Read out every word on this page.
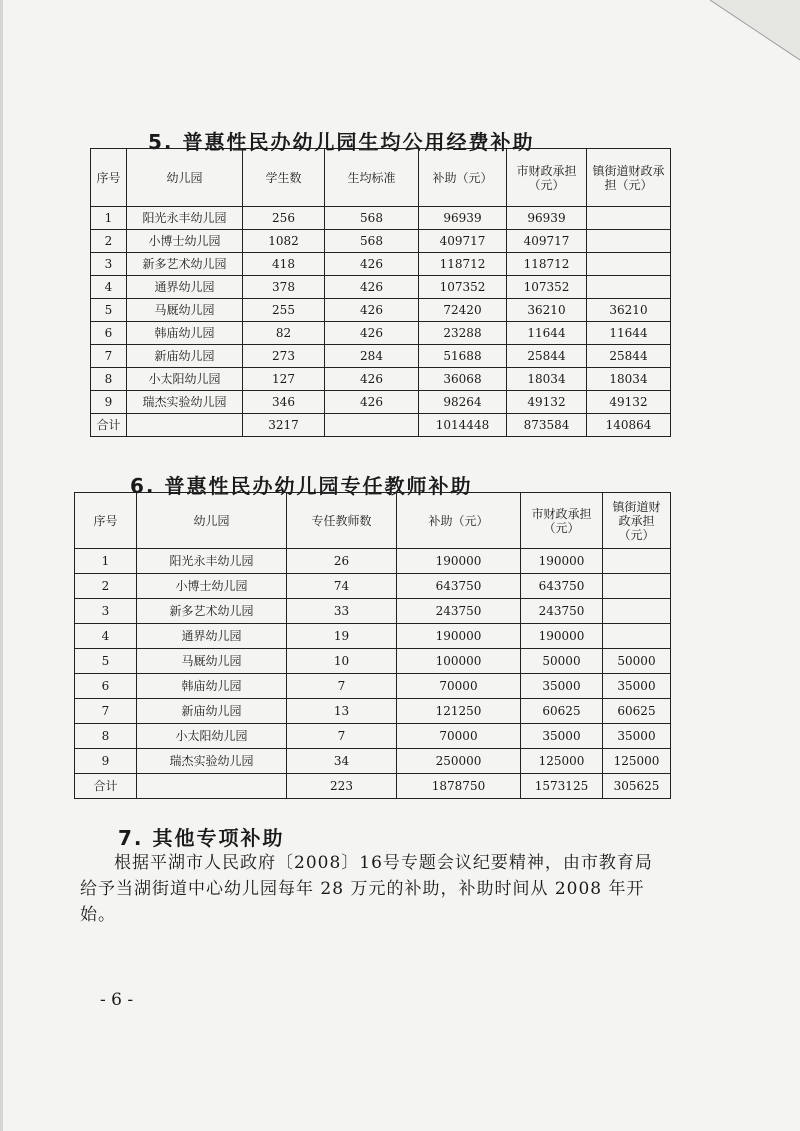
5. 普惠性民办幼儿园生均公用经费补助
序号	幼儿园	学生数	生均标准	补助（元）	市财政承担（元）	镇街道财政承担（元）
1	阳光永丰幼儿园	256	568	96939	96939	
2	小博士幼儿园	1082	568	409717	409717	
3	新多艺术幼儿园	418	426	118712	118712	
4	通界幼儿园	378	426	107352	107352	
5	马厩幼儿园	255	426	72420	36210	36210
6	韩庙幼儿园	82	426	23288	11644	11644
7	新庙幼儿园	273	284	51688	25844	25844
8	小太阳幼儿园	127	426	36068	18034	18034
9	瑞杰实验幼儿园	346	426	98264	49132	49132
合计		3217		1014448	873584	140864
6. 普惠性民办幼儿园专任教师补助
序号	幼儿园	专任教师数	补助（元）	市财政承担（元）	镇街道财政承担（元）
1	阳光永丰幼儿园	26	190000	190000	
2	小博士幼儿园	74	643750	643750	
3	新多艺术幼儿园	33	243750	243750	
4	通界幼儿园	19	190000	190000	
5	马厩幼儿园	10	100000	50000	50000
6	韩庙幼儿园	7	70000	35000	35000
7	新庙幼儿园	13	121250	60625	60625
8	小太阳幼儿园	7	70000	35000	35000
9	瑞杰实验幼儿园	34	250000	125000	125000
合计		223	1878750	1573125	305625
7. 其他专项补助

根据平湖市人民政府〔2008〕16号专题会议纪要精神，由市教育局给予当湖街道中心幼儿园每年 28 万元的补助，补助时间从 2008 年开始。

- 6 -
